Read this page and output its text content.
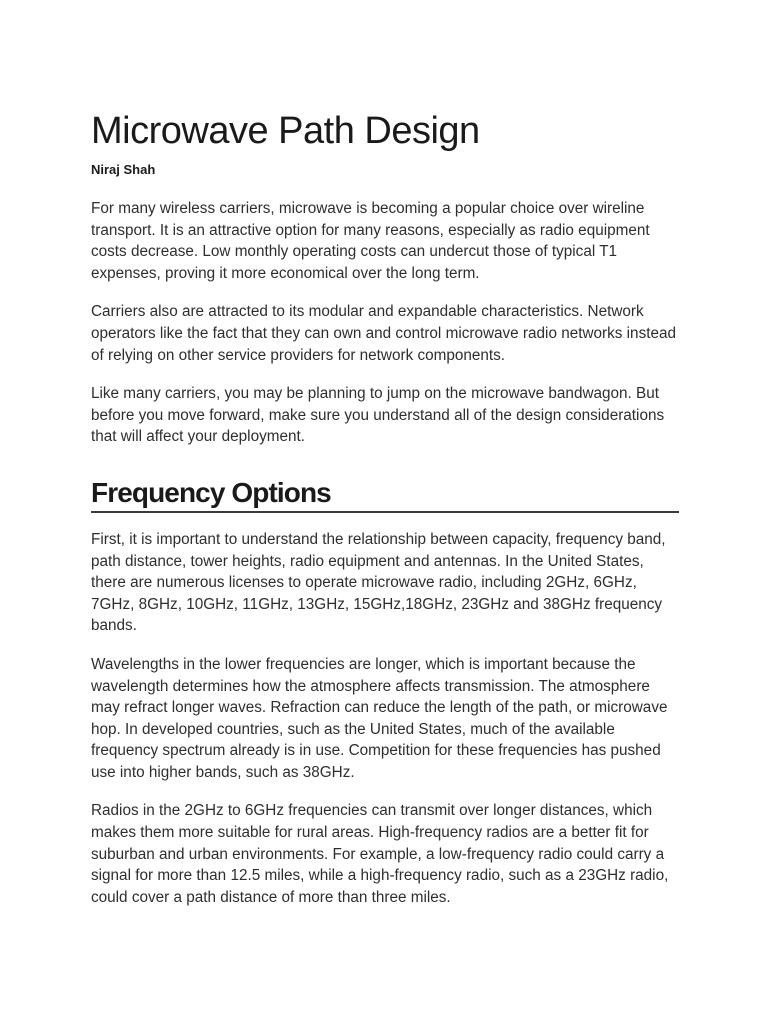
Microwave Path Design
Niraj Shah

For many wireless carriers, microwave is becoming a popular choice over wireline transport. It is an attractive option for many reasons, especially as radio equipment costs decrease. Low monthly operating costs can undercut those of typical T1 expenses, proving it more economical over the long term.

Carriers also are attracted to its modular and expandable characteristics. Network operators like the fact that they can own and control microwave radio networks instead of relying on other service providers for network components.

Like many carriers, you may be planning to jump on the microwave bandwagon. But before you move forward, make sure you understand all of the design considerations that will affect your deployment.

Frequency Options

First, it is important to understand the relationship between capacity, frequency band, path distance, tower heights, radio equipment and antennas. In the United States, there are numerous licenses to operate microwave radio, including 2GHz, 6GHz, 7GHz, 8GHz, 10GHz, 11GHz, 13GHz, 15GHz,18GHz, 23GHz and 38GHz frequency bands.

Wavelengths in the lower frequencies are longer, which is important because the wavelength determines how the atmosphere affects transmission. The atmosphere may refract longer waves. Refraction can reduce the length of the path, or microwave hop. In developed countries, such as the United States, much of the available frequency spectrum already is in use. Competition for these frequencies has pushed use into higher bands, such as 38GHz.

Radios in the 2GHz to 6GHz frequencies can transmit over longer distances, which makes them more suitable for rural areas. High-frequency radios are a better fit for suburban and urban environments. For example, a low-frequency radio could carry a signal for more than 12.5 miles, while a high-frequency radio, such as a 23GHz radio, could cover a path distance of more than three miles.
